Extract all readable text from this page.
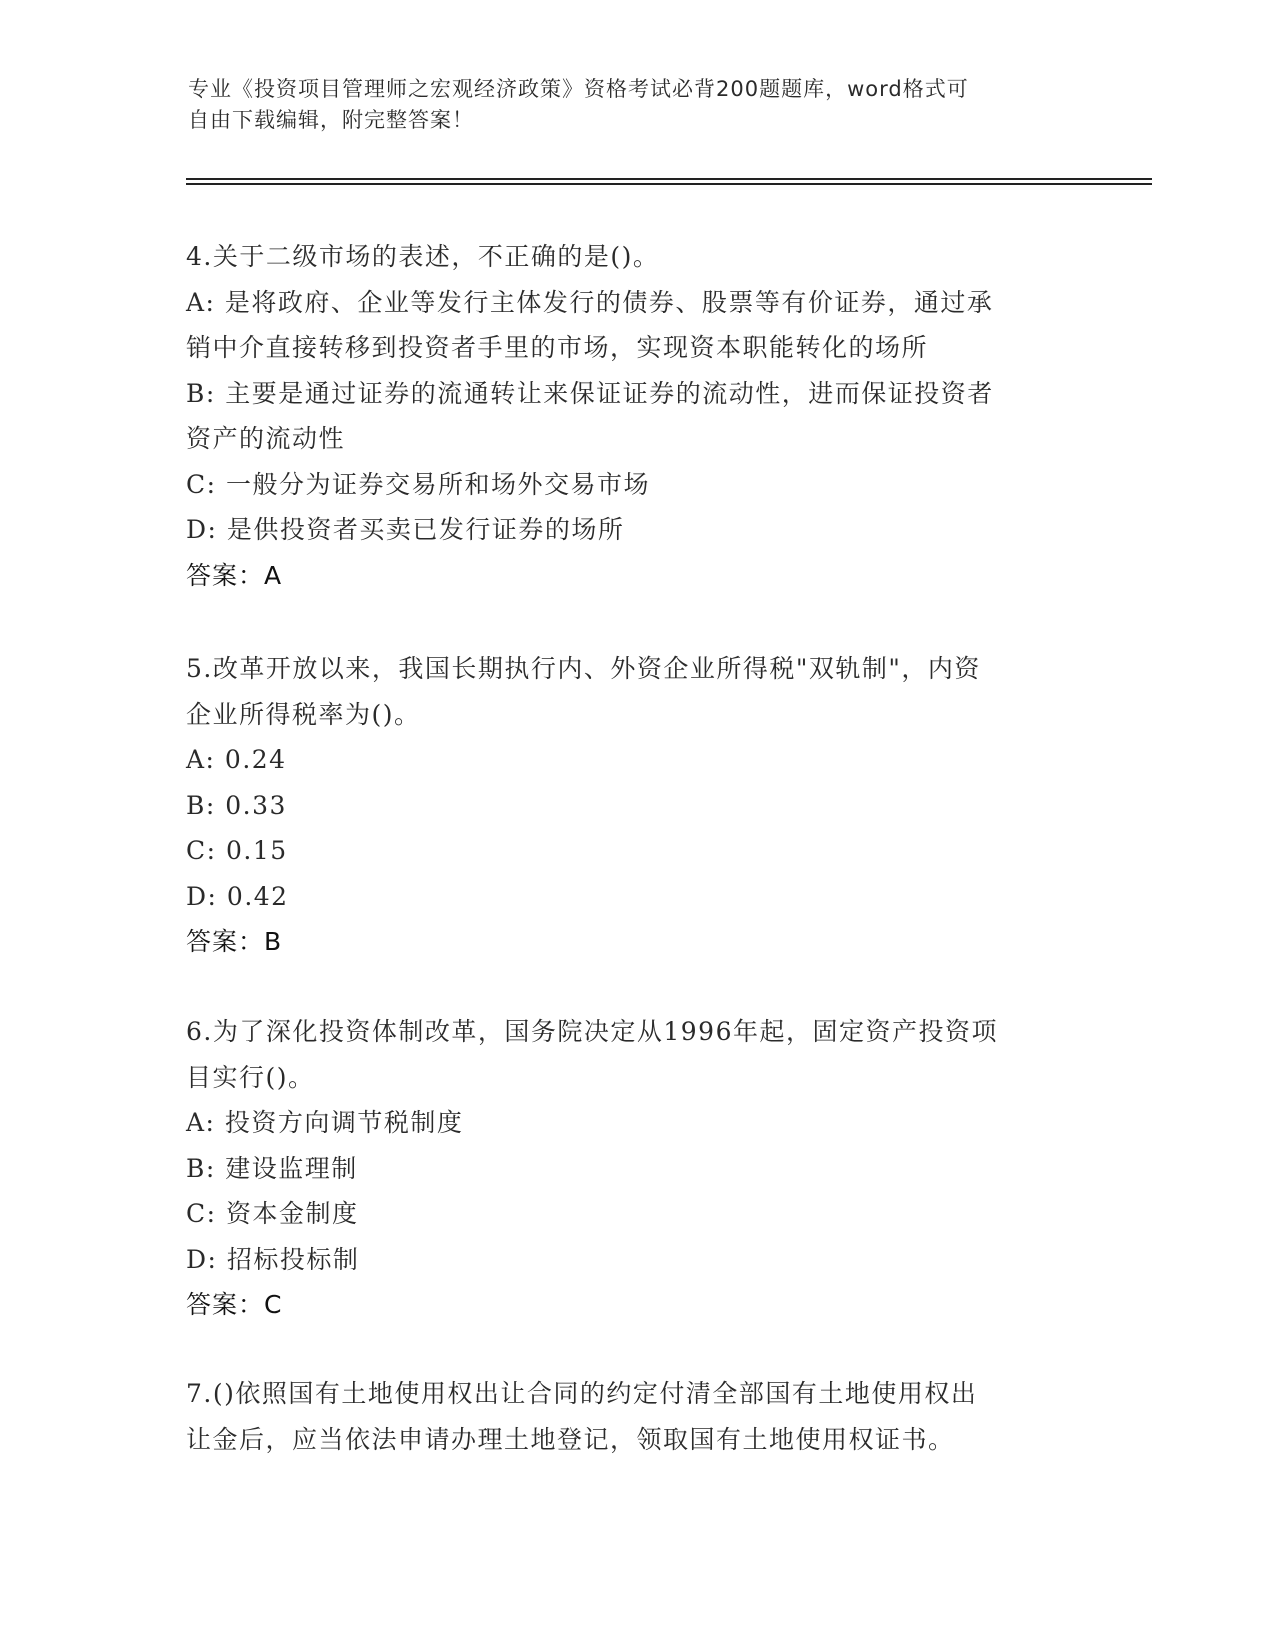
专业《投资项目管理师之宏观经济政策》资格考试必背200题题库，word格式可
自由下载编辑，附完整答案！
4.关于二级市场的表述，不正确的是()。
A: 是将政府、企业等发行主体发行的债券、股票等有价证券，通过承
销中介直接转移到投资者手里的市场，实现资本职能转化的场所
B: 主要是通过证券的流通转让来保证证券的流动性，进而保证投资者
资产的流动性
C: 一般分为证券交易所和场外交易市场
D: 是供投资者买卖已发行证券的场所
答案：A
5.改革开放以来，我国长期执行内、外资企业所得税"双轨制"，内资
企业所得税率为()。
A: 0.24
B: 0.33
C: 0.15
D: 0.42
答案：B
6.为了深化投资体制改革，国务院决定从1996年起，固定资产投资项
目实行()。
A: 投资方向调节税制度
B: 建设监理制
C: 资本金制度
D: 招标投标制
答案：C
7.()依照国有土地使用权出让合同的约定付清全部国有土地使用权出
让金后，应当依法申请办理土地登记，领取国有土地使用权证书。
